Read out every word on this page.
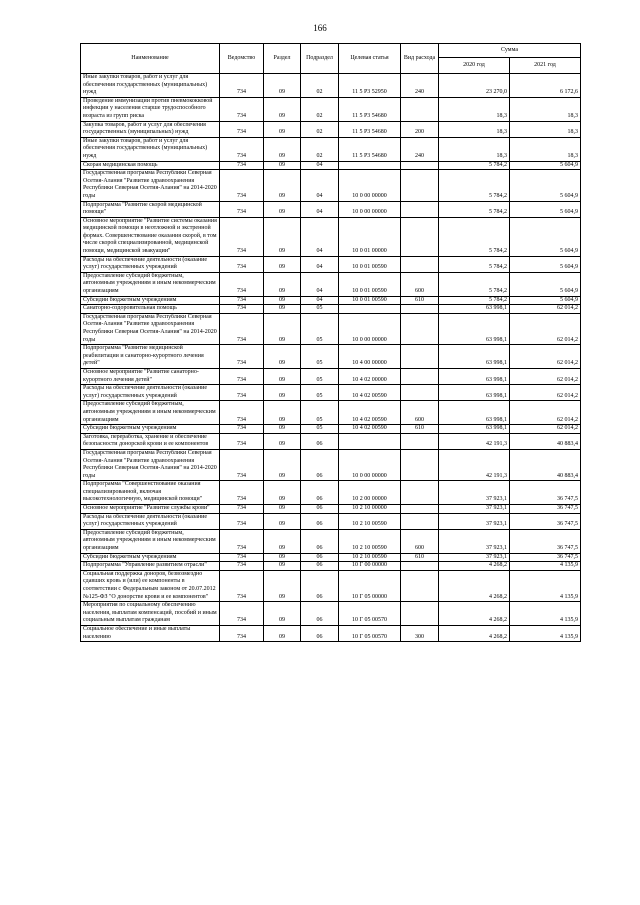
166
Наименование	Ведомство	Раздел	Подраздел	Целевая статья	Вид расхода	Сумма	
						2020 год	2021 год
Иные закупки товаров, работ и услуг для обеспечения государственных (муниципальных) нужд	734	09	02	11 5 P3 52950	240	23 270,0	6 172,6
Проведение иммунизации против пневмококковой инфекции у населения старше трудоспособного возраста из групп риска	734	09	02	11 5 P3 54680		18,3	18,3
Закупка товаров, работ и услуг для обеспечения государственных (муниципальных) нужд	734	09	02	11 5 P3 54680	200	18,3	18,3
Иные закупки товаров, работ и услуг для обеспечения государственных (муниципальных) нужд	734	09	02	11 5 P3 54680	240	18,3	18,3
Скорая медицинская помощь	734	09	04			5 784,2	5 604,9
Государственная программа Республики Северная Осетия-Алания "Развитие здравоохранения Республики Северная Осетия-Алания" на 2014-2020 годы	734	09	04	10 0 00 00000		5 784,2	5 604,9
Подпрограмма "Развитие скорой медицинской помощи"	734	09	04	10 0 00 00000		5 784,2	5 604,9
Основное мероприятие "Развитие системы оказания медицинской помощи в неотложной и экстренной формах. Совершенствование оказания скорой, в том числе скорой специализированной, медицинской помощи, медицинской эвакуации"	734	09	04	10 0 01 00000		5 784,2	5 604,9
Расходы на обеспечение деятельности (оказание услуг) государственных учреждений	734	09	04	10 0 01 00590		5 784,2	5 604,9
Предоставление субсидий бюджетным, автономным учреждениям и иным некоммерческим организациям	734	09	04	10 0 01 00590	600	5 784,2	5 604,9
Субсидии бюджетным учреждениям	734	09	04	10 0 01 00590	610	5 784,2	5 604,9
Санаторно-оздоровительная помощь	734	09	05			63 998,1	62 014,2
Государственная программа Республики Северная Осетия-Алания "Развитие здравоохранения Республики Северная Осетия-Алания" на 2014-2020 годы	734	09	05	10 0 00 00000		63 998,1	62 014,2
Подпрограмма "Развитие медицинской реабилитации и санаторно-курортного лечения детей"	734	09	05	10 4 00 00000		63 998,1	62 014,2
Основное мероприятие "Развитие санаторно-курортного лечения детей"	734	09	05	10 4 02 00000		63 998,1	62 014,2
Расходы на обеспечение деятельности (оказание услуг) государственных учреждений	734	09	05	10 4 02 00590		63 998,1	62 014,2
Предоставление субсидий бюджетным, автономным учреждениям и иным некоммерческим организациям	734	09	05	10 4 02 00590	600	63 998,1	62 014,2
Субсидии бюджетным учреждениям	734	09	05	10 4 02 00590	610	63 998,1	62 014,2
Заготовка, переработка, хранение и обеспечение безопасности донорской крови и ее компонентов	734	09	06			42 191,3	40 883,4
Государственная программа Республики Северная Осетия-Алания "Развитие здравоохранения Республики Северная Осетия-Алания" на 2014-2020 годы	734	09	06	10 0 00 00000		42 191,3	40 883,4
Подпрограмма "Совершенствование оказания специализированной, включая высокотехнологичную, медицинской помощи"	734	09	06	10 2 00 00000		37 923,1	36 747,5
Основное мероприятие "Развитие службы крови"	734	09	06	10 2 10 00000		37 923,1	36 747,5
Расходы на обеспечение деятельности (оказание услуг) государственных учреждений	734	09	06	10 2 10 00590		37 923,1	36 747,5
Предоставление субсидий бюджетным, автономным учреждениям и иным некоммерческим организациям	734	09	06	10 2 10 00590	600	37 923,1	36 747,5
Субсидии бюджетным учреждениям	734	09	06	10 2 10 00590	610	37 923,1	36 747,5
Подпрограмма "Управление развитием отрасли"	734	09	06	10 Г 00 00000		4 268,2	4 135,9
Социальная поддержка доноров, безвозмездно сдавших кровь и (или) ее компоненты в соответствии с Федеральным законом от 20.07.2012 №125-ФЗ "О донорстве крови и ее компонентов"	734	09	06	10 Г 05 00000		4 268,2	4 135,9
Мероприятия по социальному обеспечению населения, выплатам компенсаций, пособий и иным социальным выплатам гражданам	734	09	06	10 Г 05 00570		4 268,2	4 135,9
Социальное обеспечение и иные выплаты населению	734	09	06	10 Г 05 00570	300	4 268,2	4 135,9
